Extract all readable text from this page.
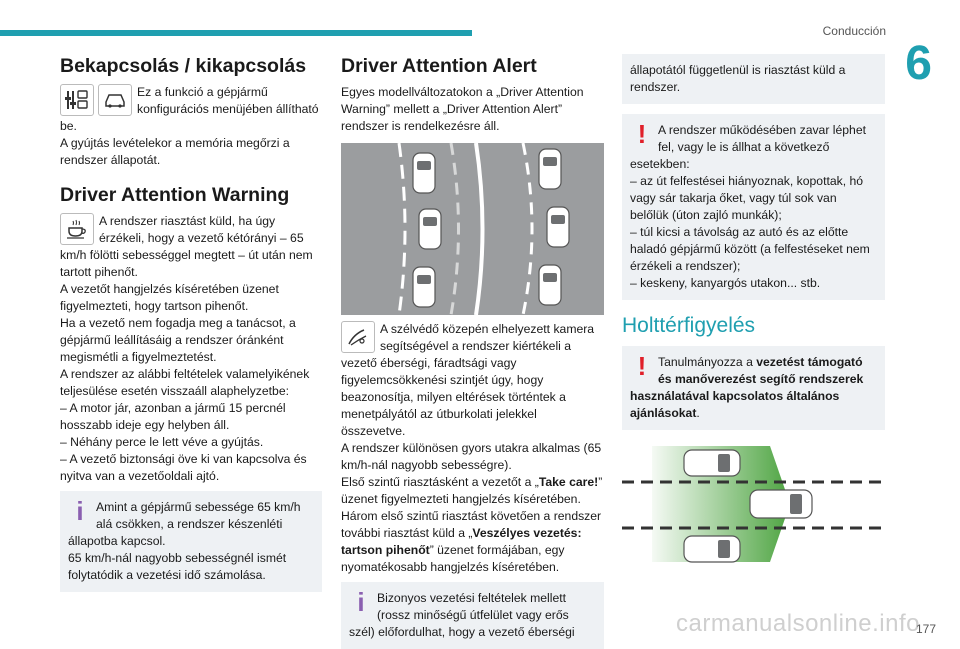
Conducción
6
Bekapcsolás / kikapcsolás

Ez a funkció a gépjármű konfigurációs menüjében állítható be.

A gyújtás levételekor a memória megőrzi a rendszer állapotát.

Driver Attention Warning

A rendszer riasztást küld, ha úgy érzékeli, hogy a vezető kétórányi – 65 km/h fölötti sebességgel megtett – út után nem tartott pihenőt.

A vezetőt hangjelzés kíséretében üzenet figyelmezteti, hogy tartson pihenőt.

Ha a vezető nem fogadja meg a tanácsot, a gépjármű leállításáig a rendszer óránként megismétli a figyelmeztetést.

A rendszer az alábbi feltételek valamelyikének teljesülése esetén visszaáll alaphelyzetbe:

– A motor jár, azonban a jármű 15 percnél hosszabb ideje egy helyben áll.

– Néhány perce le lett véve a gyújtás.

– A vezető biztonsági öve ki van kapcsolva és nyitva van a vezetőoldali ajtó.

i	Amint a gépjármű sebessége 65 km/h alá csökken, a rendszer készenléti állapotba kapcsol.

65 km/h-nál nagyobb sebességnél ismét folytatódik a vezetési idő számolása.

Driver Attention Alert

Egyes modellváltozatokon a „Driver Attention Warning” mellett a „Driver Attention Alert” rendszer is rendelkezésre áll.

A szélvédő közepén elhelyezett kamera segítségével a rendszer kiértékeli a vezető éberségi, fáradtsági vagy figyelemcsökkenési szintjét úgy, hogy beazonosítja, milyen eltérések történtek a menetpályától az útburkolati jelekkel összevetve.

A rendszer különösen gyors utakra alkalmas (65 km/h-nál nagyobb sebességre).

Első szintű riasztásként a vezetőt a „Take care!” üzenet figyelmezteti hangjelzés kíséretében.

Három első szintű riasztást követően a rendszer további riasztást küld a „Veszélyes vezetés: tartson pihenőt” üzenet formájában, egy nyomatékosabb hangjelzés kíséretében.

i	Bizonyos vezetési feltételek mellett (rossz minőségű útfelület vagy erős szél) előfordulhat, hogy a vezető éberségi

állapotától függetlenül is riasztást küld a rendszer.

! A rendszer működésében zavar léphet fel, vagy le is állhat a következő esetekben:

– az út felfestései hiányoznak, kopottak, hó vagy sár takarja őket, vagy túl sok van belőlük (úton zajló munkák);

– túl kicsi a távolság az autó és az előtte haladó gépjármű között (a felfestéseket nem érzékeli a rendszer);

– keskeny, kanyargós utakon... stb.

Holttérfigyelés
! Tanulmányozza a vezetést támogató és manőverezést segítő rendszerek használatával kapcsolatos általános ajánlásokat.

carmanualsonline.info
177
